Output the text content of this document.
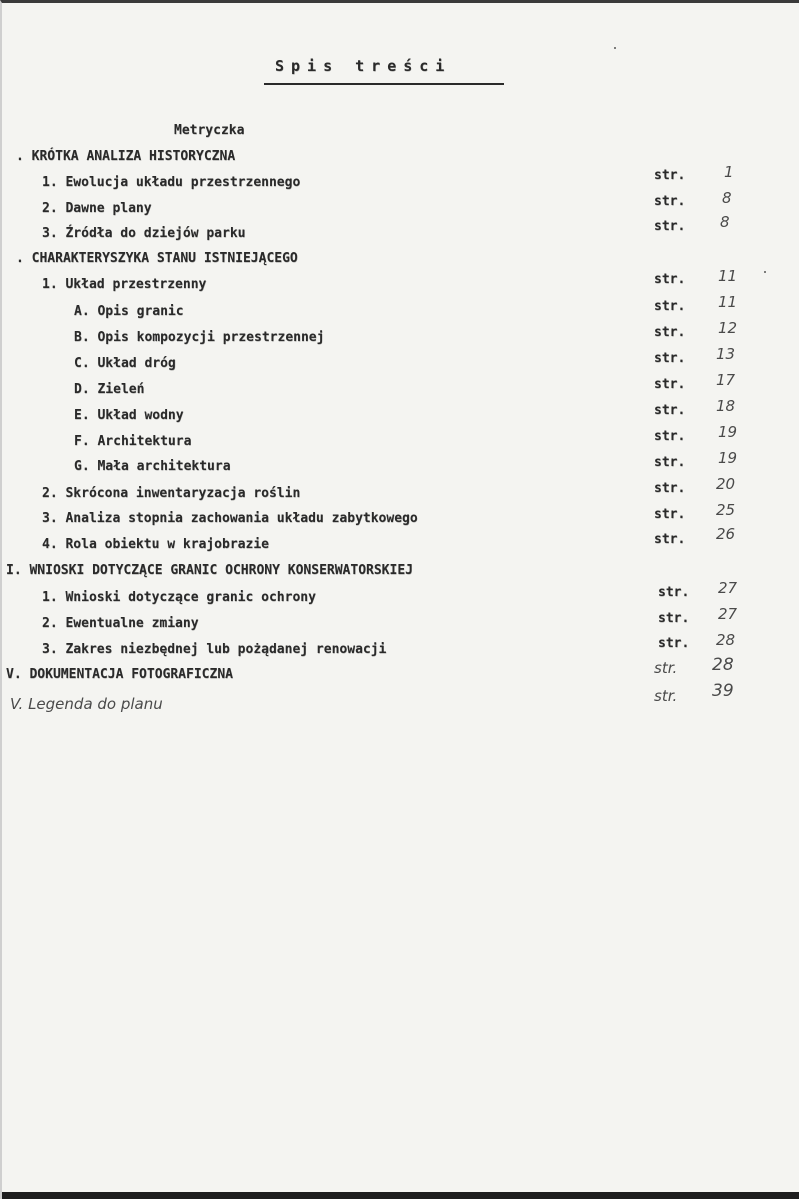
Spis treści
Metryczka
. KRÓTKA ANALIZA HISTORYCZNA
1. Ewolucja układu przestrzennego	str.	1
2. Dawne plany	str. 8
3. Źródła do dziejów parku	str. 8
. CHARAKTERYSZYKA STANU ISTNIEJĄCEGO
1. Układ przestrzenny	str. 11
A. Opis granic	str. 11
B. Opis kompozycji przestrzennej	str. 12
C. Układ dróg	str. 13
D. Zieleń	str. 17
E. Układ wodny	str. 18
F. Architektura	str. 19
G. Mała architektura	str. 19
2. Skrócona inwentaryzacja roślin	str. 20
3. Analiza stopnia zachowania układu zabytkowego	str. 25
4. Rola obiektu w krajobrazie	str. 26
I. WNIOSKI DOTYCZĄCE GRANIC OCHRONY KONSERWATORSKIEJ
1. Wnioski dotyczące granic ochrony	str. 27
2. Ewentualne zmiany	str. 27
3. Zakres niezbędnej lub pożądanej renowacji	str. 28
V. DOKUMENTACJA FOTOGRAFICZNA	str. 28
V. Legenda do planu	str. 39
